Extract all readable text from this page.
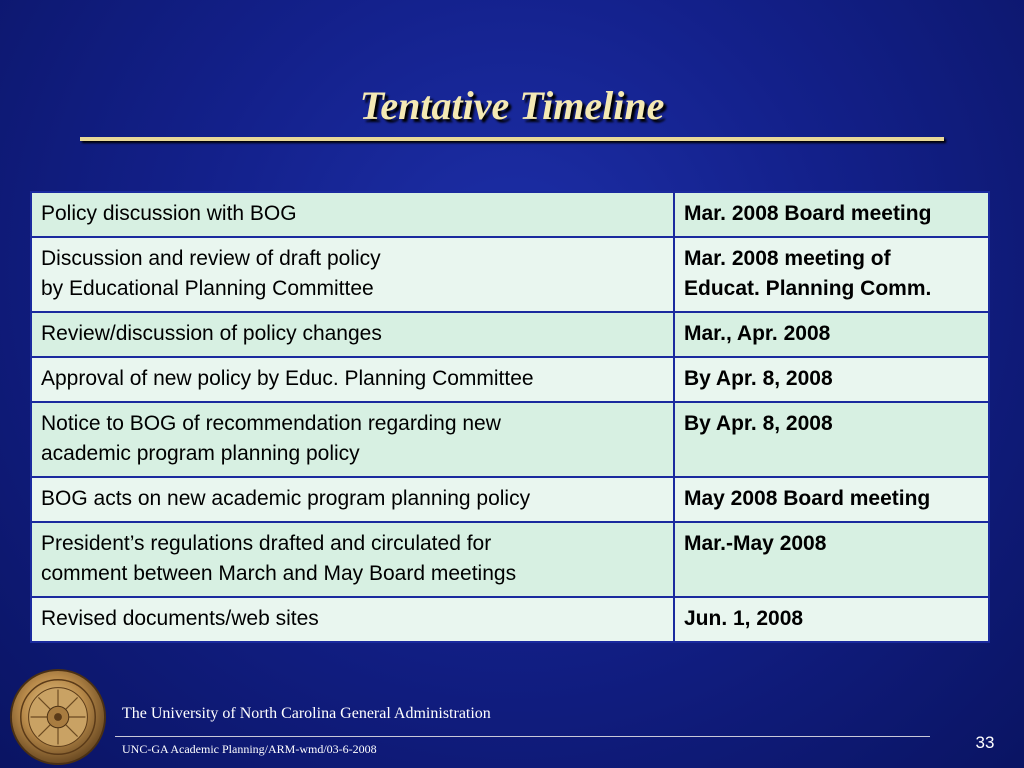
Tentative Timeline
Policy discussion with BOG	Mar. 2008 Board meeting

Discussion and review of draft policy
by Educational Planning Committee	Mar. 2008 meeting of
Educat. Planning Comm.

Review/discussion of policy changes	Mar., Apr. 2008

Approval of new policy by Educ. Planning Committee	By Apr. 8, 2008

Notice to BOG of recommendation regarding new
academic program planning policy	By Apr. 8, 2008

BOG acts on new academic program planning policy	May 2008 Board meeting

President’s regulations drafted and circulated for
comment between March and May Board meetings	Mar.-May 2008

Revised documents/web sites	Jun. 1, 2008
The University of North Carolina General Administration
UNC-GA Academic Planning/ARM-wmd/03-6-2008	33
